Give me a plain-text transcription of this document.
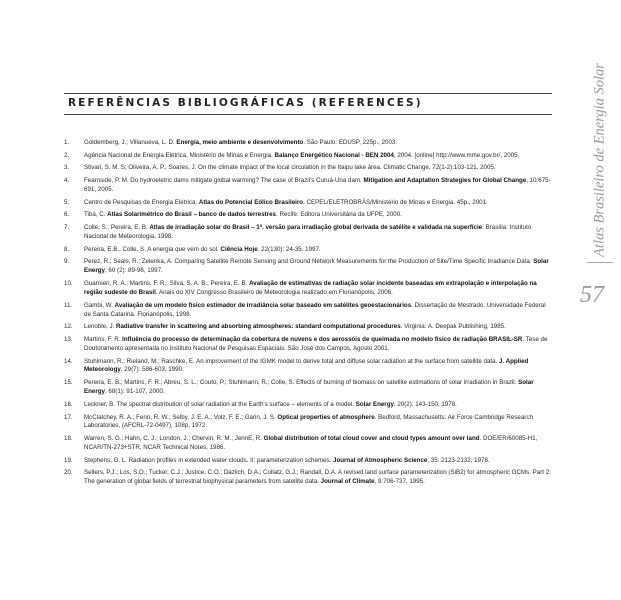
REFERÊNCIAS BIBLIOGRÁFICAS (REFERENCES)	Atlas Brasileiro de Energia Solar
57
1. Goldemberg, J.; Villanueva, L. D. Energia, meio ambiente e desenvolvimento. São Paulo: EDUSP, 225p., 2003.
2. Agência Nacional de Energia Elétrica, Ministério de Minas e Energia. Balanço Energético Nacional - BEN 2004, 2004. [online] http://www.mme.gov.br/, 2005.
3. Stivari, S. M. S; Oliveira, A. P.; Soares, J. On the climate impact of the local circulation in the Itaipu lake área. Climatic Change, 72(1-2):103-121, 2005.
4. Fearnside, P. M. Do hydroeletric dams mitigate global warming? The case of Brazil's Curuá-Una dam. Mitigation and Adaptation Strategies for Global Change, 10:675-691, 2005.
5. Centro de Pesquisas de Energia Elétrica. Atlas do Potencial Eólico Brasileiro. CEPEL/ELETROBRÁS/Ministério de Minas e Energia. 45p., 2001.
6. Tiba, C. Atlas Solarimétrico do Brasil – banco de dados terrestres. Recife: Editora Universitária da UFPE, 2000.
7. Colle, S.; Pereira, E. B. Atlas de irradiação solar do Brasil – 1ª. versão para irradiação global derivada de satélite e validada na superfície. Brasília: Instituto Nacional de Meteorologia, 1998.
8. Pereira, E.B., Colle, S. A energia que vem do sol. Ciência Hoje. 22(130): 24-35. 1997.
9. Perez, R.; Seals, R.; Zelenka, A. Comparing Satellite Remote Sensing and Ground Network Measurements for the Production of Site/Time Specific Irradiance Data. Solar Energy, 60 (2): 89-96, 1997.
10. Guarnieri, R. A.; Martins, F. R.; Silva, S. A. B.; Pereira, E. B. Avaliação de estimativas de radiação solar incidente baseadas em extrapolação e interpolação na região sudeste do Brasil. Anais do XIV Congresso Brasileiro de Meteorologia realizado em Florianópolis, 2006.
11. Gambi, W. Avaliação de um modelo físico estimador de irradiância solar baseado em satélites geoestacionários. Dissertação de Mestrado. Universidade Federal de Santa Catarina. Florianópolis, 1998.
12. Lenoble, J. Radiative transfer in scattering and absorbing atmospheres: standard computational procedures. Virginia: A. Deepak Publishing, 1985.
13. Martins, F. R. Influência do processo de determinação da cobertura de nuvens e dos aerossóis de queimada no modelo físico de radiação BRASIL-SR. Tese de Doutoramento apresentada no Instituto Nacional de Pesquisas Espaciais. São José dos Campos, Agosto 2001.
14. Stuhlmann, R.; Rieland, M.; Raschke, E. An improvement of the IGMK model to derive total and diffuse solar radiation at the surface from satellite data. J. Applied Meteorology, 29(7): 586-603, 1990.
15. Pereira, E. B.; Martins, F. R.; Abreu, S. L.; Couto, P.; Stuhlmann, R.; Colle, S. Effects of burning of biomass on satellite estimations of solar irradiation in Brazil. Solar Energy, 68(1): 91-107, 2000.
16. Leckner, B. The spectral distribution of solar radiation at the Earth's surface – elements of a model. Solar Energy, 20(2): 143-150, 1978.
17. McClatchey, R. A.; Fenn, R. W.; Selby, J. E. A.; Volz, F. E.; Garin, J. S. Optical properties of atmosphere. Bedford, Massachusetts: Air Force Cambridge Research Laboratories, (AFCRL-72-0497), 108p, 1972.
18. Warren, S. G.; Hahn, C. J.; London, J.; Chervin, R. M.; JennE, R. Global distribution of total cloud cover and cloud types amount over land. DOE/ER/60085-H1, NCAR/TN-273+STR, NCAR Technical Notes, 1986.
19. Stephens, G. L. Radiation profiles in extended water clouds. II: parameterization schemes. Journal of Atmospheric Science, 35: 2123-2132, 1978.
20. Sellers, P.J.; Los, S.O.; Tucker, C.J.; Justice, C.O.; Dazlich, D.A.; Collatz, G.J.; Randall, D.A. A revised land surface parameterization (SiB2) for atmospheric GCMs. Part 2: The generation of global fields of terrestrial biophysical parameters from satellite data. Journal of Climate, 9:706-737, 1995.
